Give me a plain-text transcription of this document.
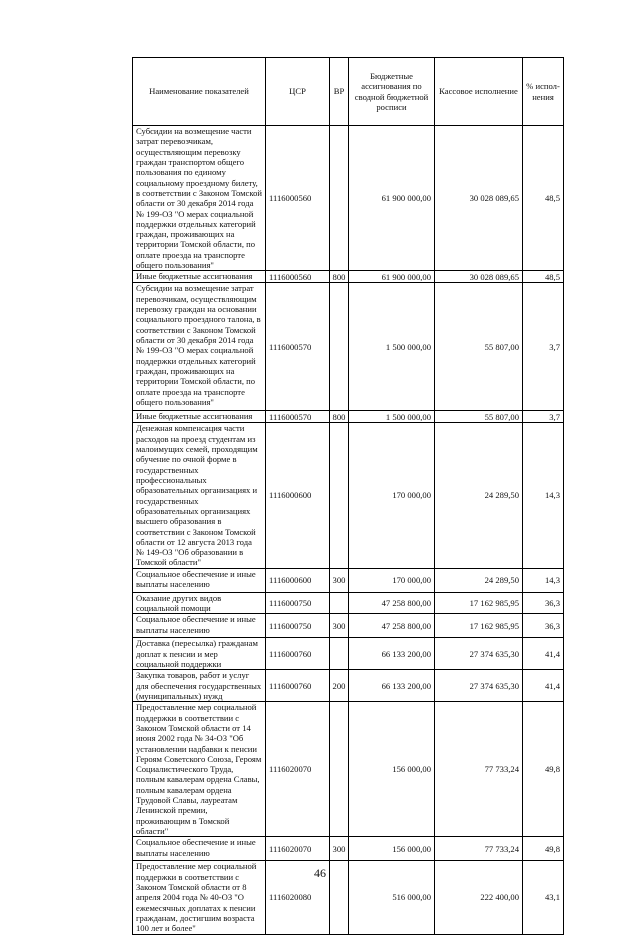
Наименование показателей	ЦСР	ВР	Бюджетные ассигнования по сводной бюджетной росписи	Кассовое исполнение	% испол-нения
Субсидии на возмещение части затрат перевозчикам, осуществляющим перевозку граждан транспортом общего пользования по единому социальному проездному билету, в соответствии с Законом Томской области от 30 декабря 2014 года № 199-ОЗ "О мерах социальной поддержки отдельных категорий граждан, проживающих на территории Томской области, по оплате проезда на транспорте общего пользования"	1116000560		61 900 000,00	30 028 089,65	48,5
Иные бюджетные ассигнования	1116000560	800	61 900 000,00	30 028 089,65	48,5
Субсидии на возмещение затрат перевозчикам, осуществляющим перевозку граждан на основании социального проездного талона, в соответствии с Законом Томской области от 30 декабря 2014 года № 199-ОЗ "О мерах социальной поддержки отдельных категорий граждан, проживающих на территории Томской области, по оплате проезда на транспорте общего пользования"	1116000570		1 500 000,00	55 807,00	3,7
Иные бюджетные ассигнования	1116000570	800	1 500 000,00	55 807,00	3,7
Денежная компенсация части расходов на проезд студентам из малоимущих семей, проходящим обучение по очной форме в государственных профессиональных образовательных организациях и государственных образовательных организациях высшего образования в соответствии с Законом Томской области от 12 августа 2013 года № 149-ОЗ "Об образовании в Томской области"	1116000600		170 000,00	24 289,50	14,3
Социальное обеспечение и иные выплаты населению	1116000600	300	170 000,00	24 289,50	14,3
Оказание других видов социальной помощи	1116000750		47 258 800,00	17 162 985,95	36,3
Социальное обеспечение и иные выплаты населению	1116000750	300	47 258 800,00	17 162 985,95	36,3
Доставка (пересылка) гражданам доплат к пенсии и мер социальной поддержки	1116000760		66 133 200,00	27 374 635,30	41,4
Закупка товаров, работ и услуг для обеспечения государственных (муниципальных) нужд	1116000760	200	66 133 200,00	27 374 635,30	41,4
Предоставление мер социальной поддержки в соответствии с Законом Томской области от 14 июня 2002 года № 34-ОЗ "Об установлении надбавки к пенсии Героям Советского Союза, Героям Социалистического Труда, полным кавалерам ордена Славы, полным кавалерам ордена Трудовой Славы, лауреатам Ленинской премии, проживающим в Томской области"	1116020070		156 000,00	77 733,24	49,8
Социальное обеспечение и иные выплаты населению	1116020070	300	156 000,00	77 733,24	49,8
Предоставление мер социальной поддержки в соответствии с Законом Томской области от 8 апреля 2004 года № 40-ОЗ "О ежемесячных доплатах к пенсии гражданам, достигшим возраста 100 лет и более"	1116020080		516 000,00	222 400,00	43,1
46
